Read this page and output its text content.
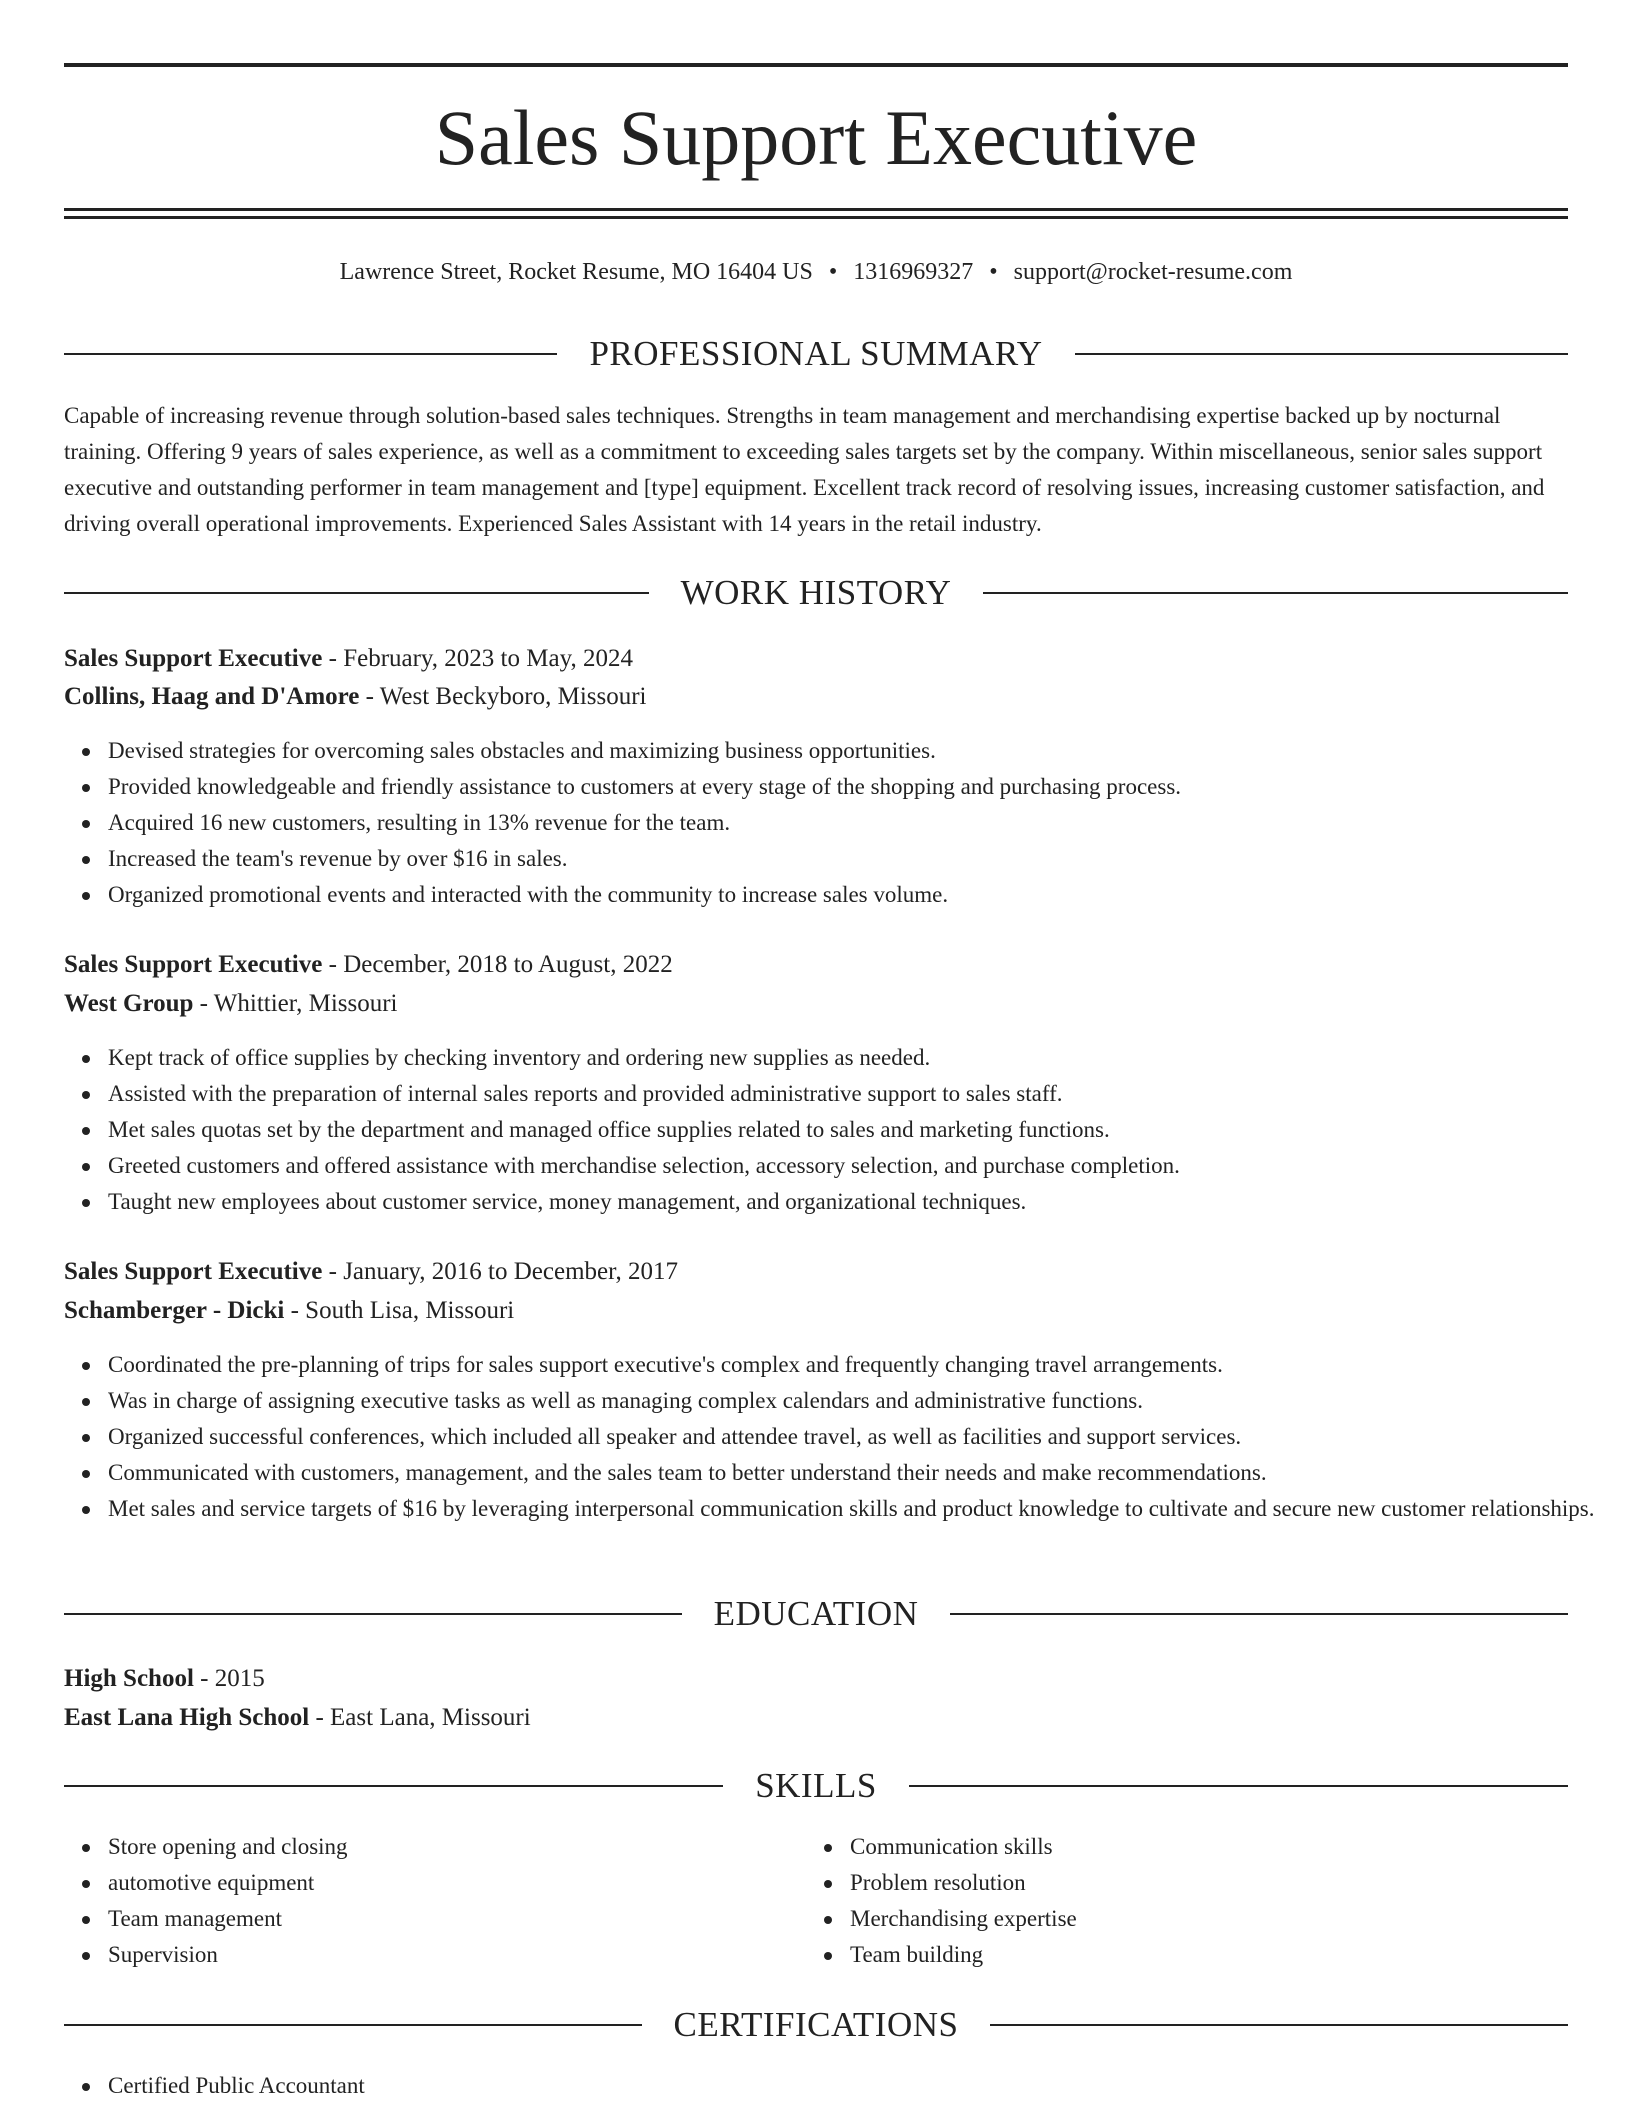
Sales Support Executive
Lawrence Street, Rocket Resume, MO 16404 US • 1316969327 • support@rocket-resume.com
PROFESSIONAL SUMMARY

Capable of increasing revenue through solution-based sales techniques. Strengths in team management and merchandising expertise backed up by nocturnal training. Offering 9 years of sales experience, as well as a commitment to exceeding sales targets set by the company. Within miscellaneous, senior sales support executive and outstanding performer in team management and [type] equipment. Excellent track record of resolving issues, increasing customer satisfaction, and driving overall operational improvements. Experienced Sales Assistant with 14 years in the retail industry.

WORK HISTORY
Sales Support Executive - February, 2023 to May, 2024
Collins, Haag and D'Amore - West Beckyboro, Missouri
Devised strategies for overcoming sales obstacles and maximizing business opportunities.
Provided knowledgeable and friendly assistance to customers at every stage of the shopping and purchasing process.
Acquired 16 new customers, resulting in 13% revenue for the team.
Increased the team's revenue by over $16 in sales.
Organized promotional events and interacted with the community to increase sales volume.
Sales Support Executive - December, 2018 to August, 2022
West Group - Whittier, Missouri
Kept track of office supplies by checking inventory and ordering new supplies as needed.
Assisted with the preparation of internal sales reports and provided administrative support to sales staff.
Met sales quotas set by the department and managed office supplies related to sales and marketing functions.
Greeted customers and offered assistance with merchandise selection, accessory selection, and purchase completion.
Taught new employees about customer service, money management, and organizational techniques.
Sales Support Executive - January, 2016 to December, 2017
Schamberger - Dicki - South Lisa, Missouri
Coordinated the pre-planning of trips for sales support executive's complex and frequently changing travel arrangements.
Was in charge of assigning executive tasks as well as managing complex calendars and administrative functions.
Organized successful conferences, which included all speaker and attendee travel, as well as facilities and support services.
Communicated with customers, management, and the sales team to better understand their needs and make recommendations.
Met sales and service targets of $16 by leveraging interpersonal communication skills and product knowledge to cultivate and secure new customer relationships.
EDUCATION
High School - 2015
East Lana High School - East Lana, Missouri
SKILLS
Store opening and closing
automotive equipment
Team management
Supervision
Communication skills
Problem resolution
Merchandising expertise
Team building
CERTIFICATIONS
Certified Public Accountant
